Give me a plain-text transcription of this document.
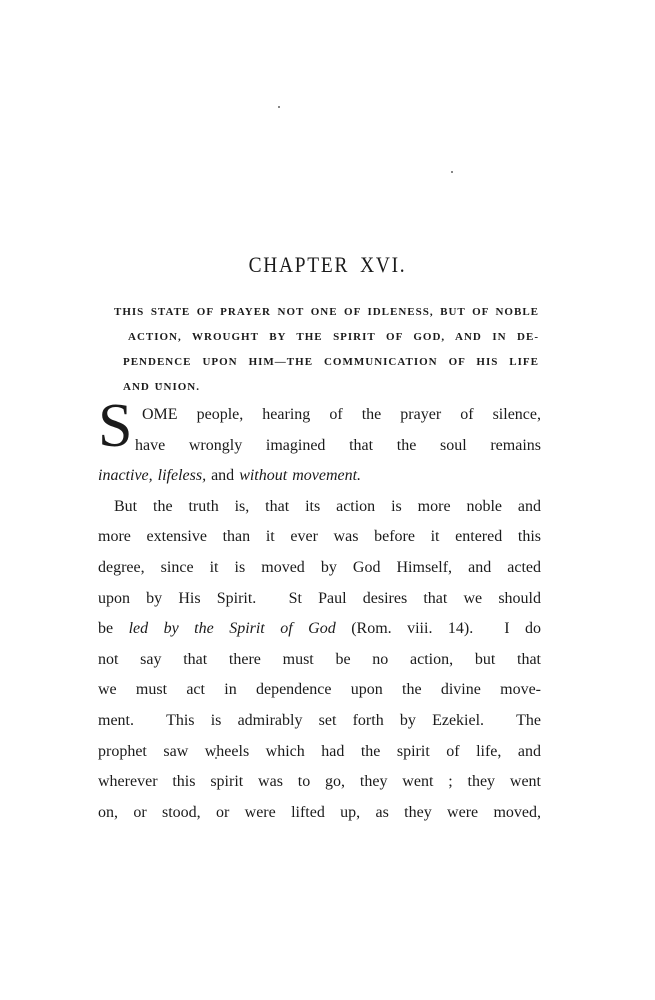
CHAPTER XVI.
THIS STATE OF PRAYER NOT ONE OF IDLENESS, BUT OF NOBLE
ACTION, WROUGHT BY THE SPIRIT OF GOD, AND IN DE-
PENDENCE UPON HIM—THE COMMUNICATION OF HIS LIFE
AND UNION.
S OME people, hearing of the prayer of silence,
have wrongly imagined that the soul remains
inactive, lifeless, and without movement.
But the truth is, that its action is more noble and
more extensive than it ever was before it entered this
degree, since it is moved by God Himself, and acted
upon by His Spirit.  St Paul desires that we should
be led by the Spirit of God (Rom. viii. 14).  I do
not say that there must be no action, but that
we must act in dependence upon the divine move-
ment.  This is admirably set forth by Ezekiel.  The
prophet saw wheels which had the spirit of life, and
wherever this spirit was to go, they went ; they went
on, or stood, or were lifted up, as they were moved,
